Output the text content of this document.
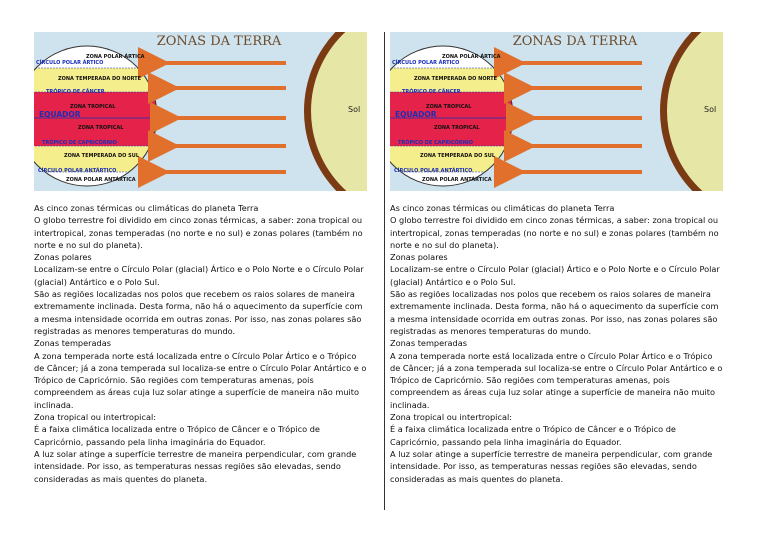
ZONAS DA TERRA
Sol
ZONA POLAR ÁRTICA
CÍRCULO POLAR ÁRTICO
ZONA TEMPERADA DO NORTE
TRÓPICO DE CÂNCER
ZONA TROPICAL
EQUADOR
ZONA TROPICAL
TRÓPICO DE CAPRICÓRNIO
ZONA TEMPERADA DO SUL
CÍRCULO POLAR ANTÁRTICO
ZONA POLAR ANTÁRTICA

As cinco zonas térmicas ou climáticas do planeta Terra

O globo terrestre foi dividido em cinco zonas térmicas, a saber: zona tropical ou intertropical, zonas temperadas (no norte e no sul) e zonas polares (também no norte e no sul do planeta).

Zonas polares

Localizam-se entre o Círculo Polar (glacial) Ártico e o Polo Norte e o Círculo Polar (glacial) Antártico e o Polo Sul.

São as regiões localizadas nos polos que recebem os raios solares de maneira extremamente inclinada. Desta forma, não há o aquecimento da superfície com a mesma intensidade ocorrida em outras zonas. Por isso, nas zonas polares são registradas as menores temperaturas do mundo.

Zonas temperadas

A zona temperada norte está localizada entre o Círculo Polar Ártico e o Trópico de Câncer; já a zona temperada sul localiza-se entre o Círculo Polar Antártico e o Trópico de Capricórnio. São regiões com temperaturas amenas, pois compreendem as áreas cuja luz solar atinge a superfície de maneira não muito inclinada.

Zona tropical ou intertropical:

É a faixa climática localizada entre o Trópico de Câncer e o Trópico de Capricórnio, passando pela linha imaginária do Equador.

A luz solar atinge a superfície terrestre de maneira perpendicular, com grande intensidade. Por isso, as temperaturas nessas regiões são elevadas, sendo consideradas as mais quentes do planeta.

ZONAS DA TERRA
Sol
ZONA POLAR ÁRTICA
CÍRCULO POLAR ÁRTICO
ZONA TEMPERADA DO NORTE
TRÓPICO DE CÂNCER
ZONA TROPICAL
EQUADOR
ZONA TROPICAL
TRÓPICO DE CAPRICÓRNIO
ZONA TEMPERADA DO SUL
CÍRCULO POLAR ANTÁRTICO
ZONA POLAR ANTÁRTICA

As cinco zonas térmicas ou climáticas do planeta Terra

O globo terrestre foi dividido em cinco zonas térmicas, a saber: zona tropical ou intertropical, zonas temperadas (no norte e no sul) e zonas polares (também no norte e no sul do planeta).

Zonas polares

Localizam-se entre o Círculo Polar (glacial) Ártico e o Polo Norte e o Círculo Polar (glacial) Antártico e o Polo Sul.

São as regiões localizadas nos polos que recebem os raios solares de maneira extremamente inclinada. Desta forma, não há o aquecimento da superfície com a mesma intensidade ocorrida em outras zonas. Por isso, nas zonas polares são registradas as menores temperaturas do mundo.

Zonas temperadas

A zona temperada norte está localizada entre o Círculo Polar Ártico e o Trópico de Câncer; já a zona temperada sul localiza-se entre o Círculo Polar Antártico e o Trópico de Capricórnio. São regiões com temperaturas amenas, pois compreendem as áreas cuja luz solar atinge a superfície de maneira não muito inclinada.

Zona tropical ou intertropical:

É a faixa climática localizada entre o Trópico de Câncer e o Trópico de Capricórnio, passando pela linha imaginária do Equador.

A luz solar atinge a superfície terrestre de maneira perpendicular, com grande intensidade. Por isso, as temperaturas nessas regiões são elevadas, sendo consideradas as mais quentes do planeta.
